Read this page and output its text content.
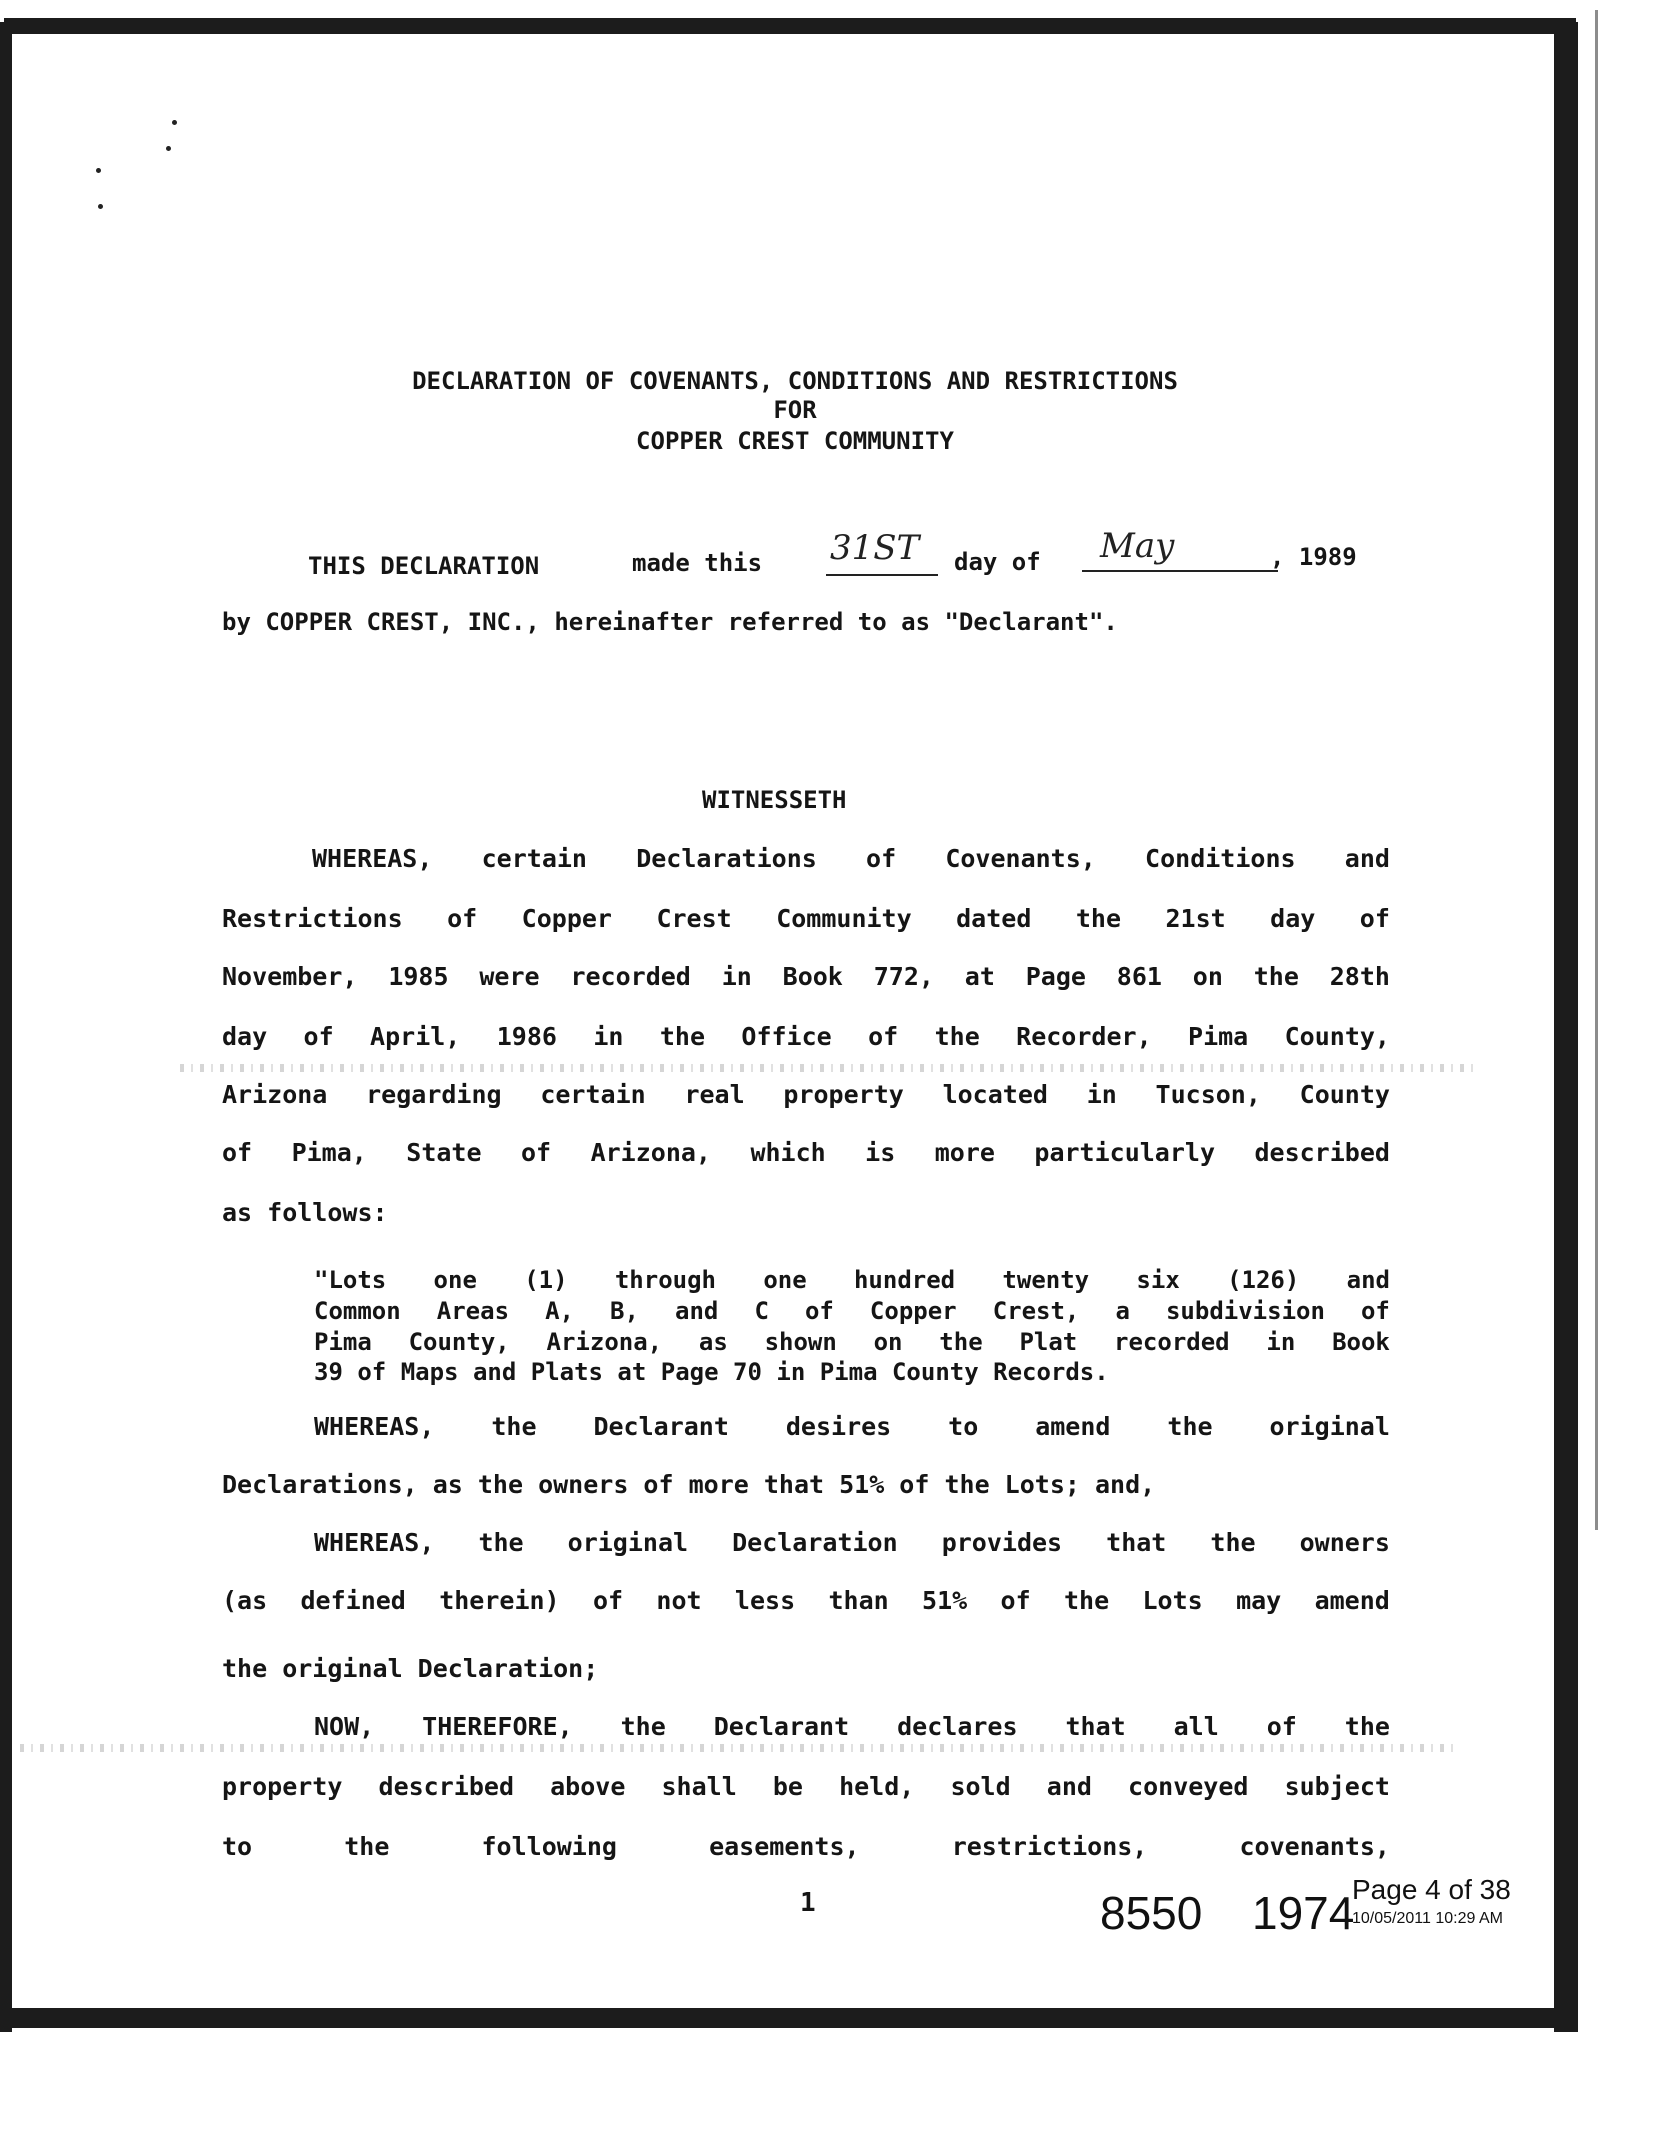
DECLARATION OF COVENANTS, CONDITIONS AND RESTRICTIONS
FOR
COPPER CREST COMMUNITY
THIS DECLARATION	made this 31ST day of May	, 1989
by COPPER CREST, INC., hereinafter referred to as "Declarant".
WITNESSETH
WHEREAS, certain Declarations of Covenants, Conditions and
Restrictions of Copper Crest Community dated the 21st day of
November, 1985 were recorded in Book 772, at Page 861 on the 28th
day of April, 1986 in the Office of the Recorder, Pima County,
Arizona regarding certain real property located in Tucson, County
of Pima, State of Arizona, which is more particularly described
as follows:
"Lots one (1) through one hundred twenty six (126) and
Common Areas A, B, and C of Copper Crest, a subdivision of
Pima County, Arizona, as shown on the Plat recorded in Book
39 of Maps and Plats at Page 70 in Pima County Records.
WHEREAS, the Declarant desires to amend the original
Declarations, as the owners of more that 51% of the Lots; and,
WHEREAS, the original Declaration provides that the owners
(as defined therein) of not less than 51% of the Lots may amend
the original Declaration;
NOW, THEREFORE, the Declarant declares that all of the
property described above shall be held, sold and conveyed subject
to	the	following	easements,	restrictions,	covenants,
1	8550 1974
Page 4 of 38
10/05/2011 10:29 AM
